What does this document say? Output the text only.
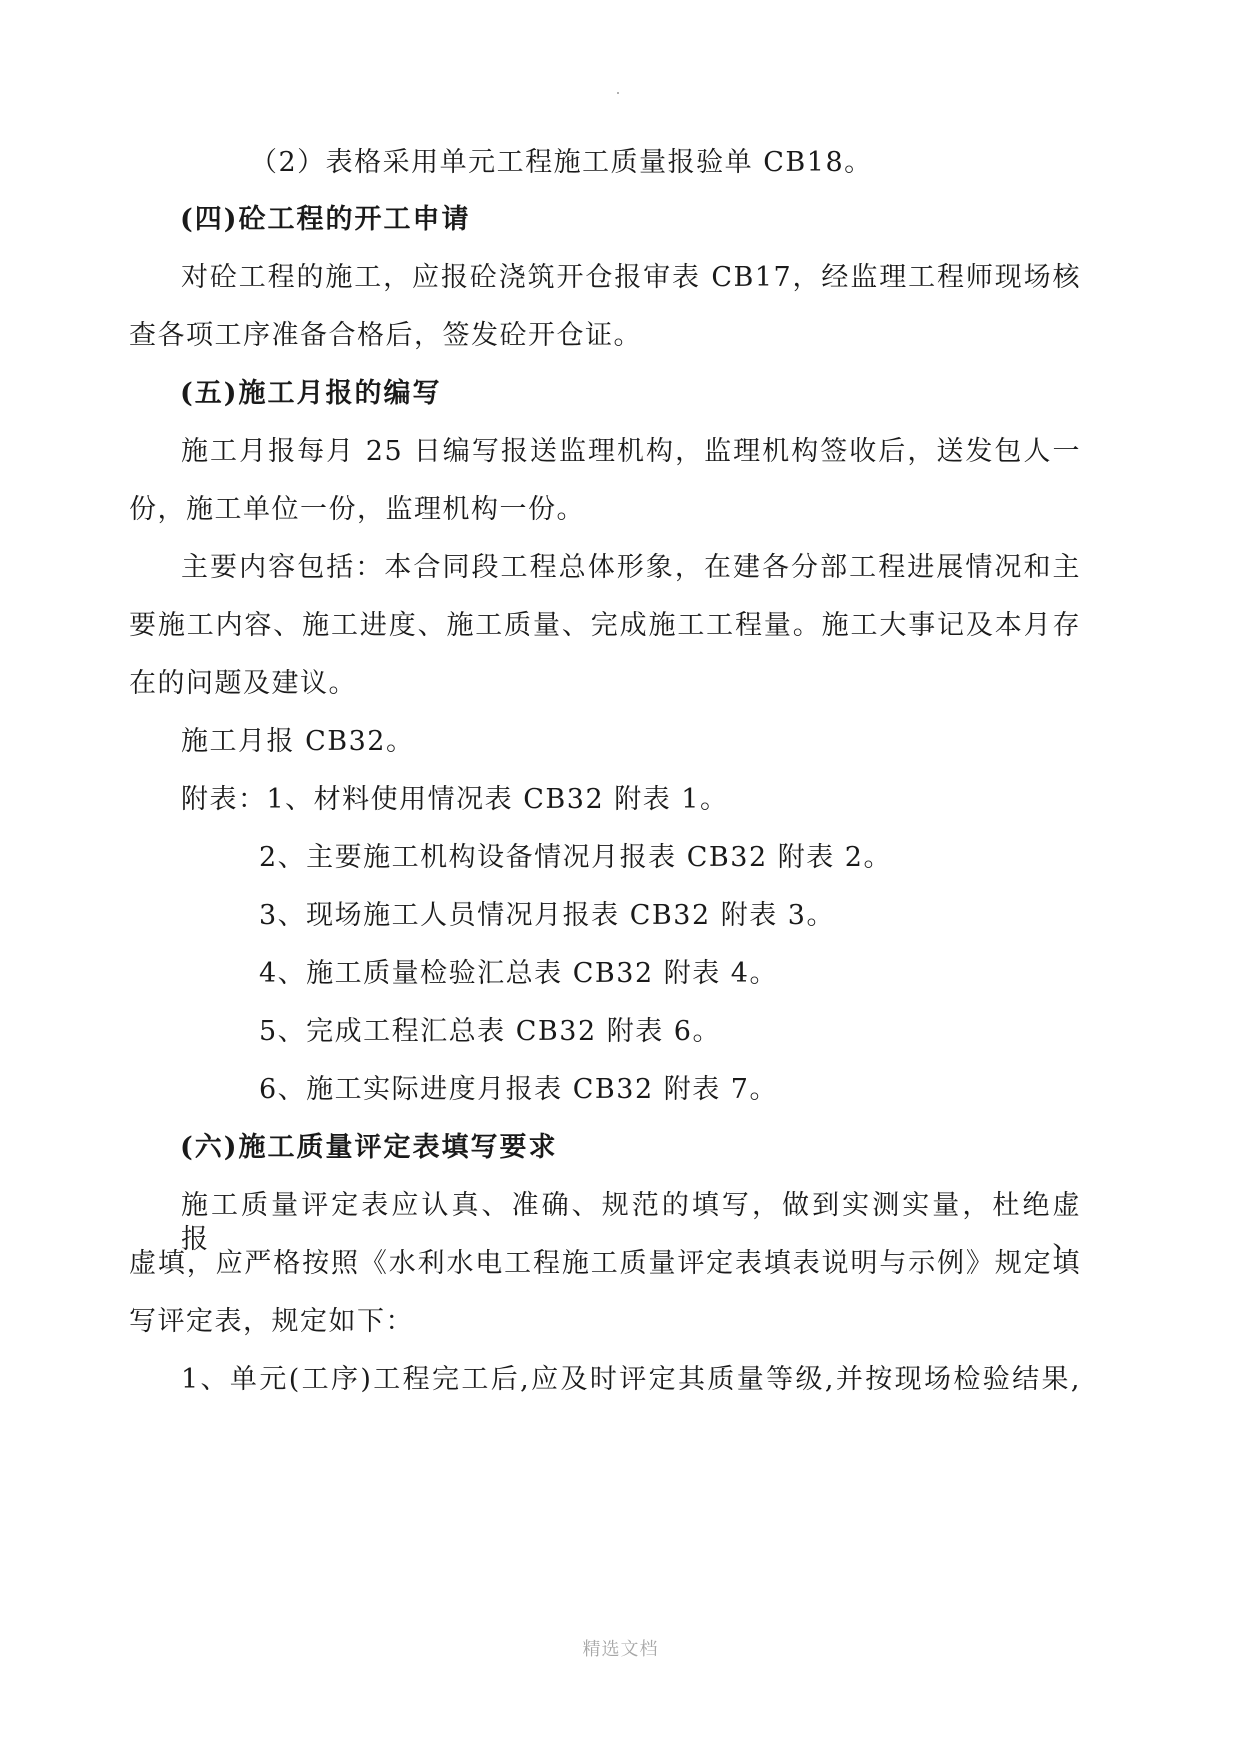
（2）表格采用单元工程施工质量报验单 CB18。
(四)砼工程的开工申请
对砼工程的施工，应报砼浇筑开仓报审表 CB17，经监理工程师现场核
查各项工序准备合格后，签发砼开仓证。
(五)施工月报的编写
施工月报每月 25 日编写报送监理机构，监理机构签收后，送发包人一
份，施工单位一份，监理机构一份。
主要内容包括：本合同段工程总体形象，在建各分部工程进展情况和主
要施工内容、施工进度、施工质量、完成施工工程量。施工大事记及本月存
在的问题及建议。
施工月报 CB32。
附表：1、材料使用情况表 CB32 附表 1。
2、主要施工机构设备情况月报表 CB32 附表 2。
3、现场施工人员情况月报表 CB32 附表 3。
4、施工质量检验汇总表 CB32 附表 4。
5、完成工程汇总表 CB32 附表 6。
6、施工实际进度月报表 CB32 附表 7。
(六)施工质量评定表填写要求
施工质量评定表应认真、准确、规范的填写，做到实测实量，杜绝虚报、
虚填，应严格按照《水利水电工程施工质量评定表填表说明与示例》规定填
写评定表，规定如下：
1、单元(工序)工程完工后,应及时评定其质量等级,并按现场检验结果,
精选文档
